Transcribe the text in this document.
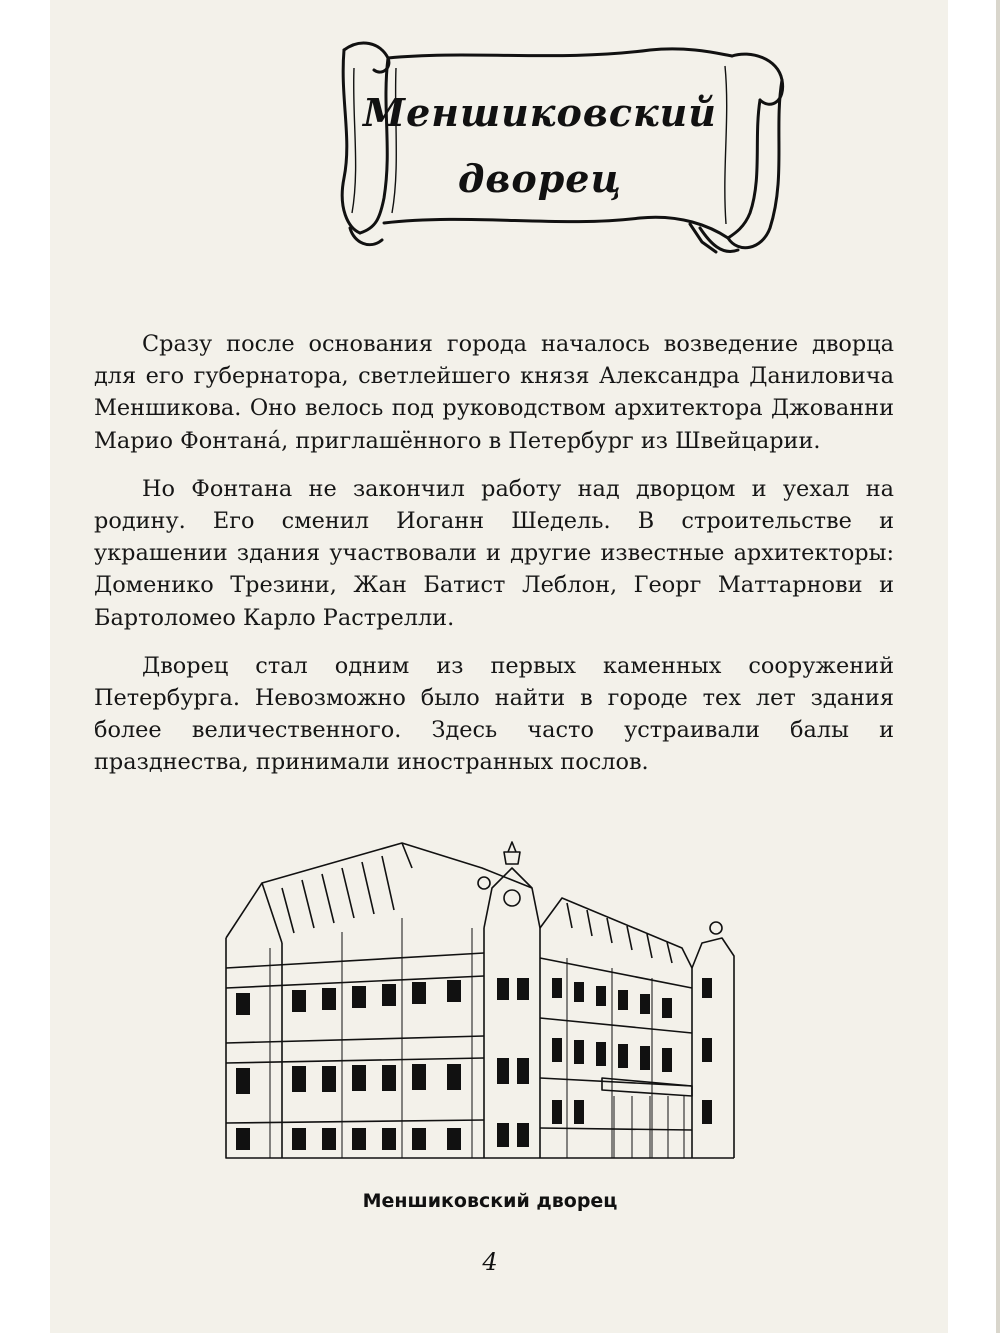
Меншиковский
дворец

Сразу после основания города началось возведение дворца для его губернатора, светлейшего князя Александра Даниловича Меншикова. Оно велось под руководством архитектора Джованни Марио Фонтана́, приглашённого в Петербург из Швейцарии.

Но Фонтана не закончил работу над дворцом и уехал на родину. Его сменил Иоганн Шедель. В строительстве и украшении здания участвовали и другие известные архитекторы: Доменико Трезини, Жан Батист Леблон, Георг Маттарнови и Бартоломео Карло Растрелли.

Дворец стал одним из первых каменных сооружений Петербурга. Невозможно было найти в городе тех лет здания более величественного. Здесь часто устраивали балы и празднества, принимали иностранных послов.

Меншиковский дворец
4
